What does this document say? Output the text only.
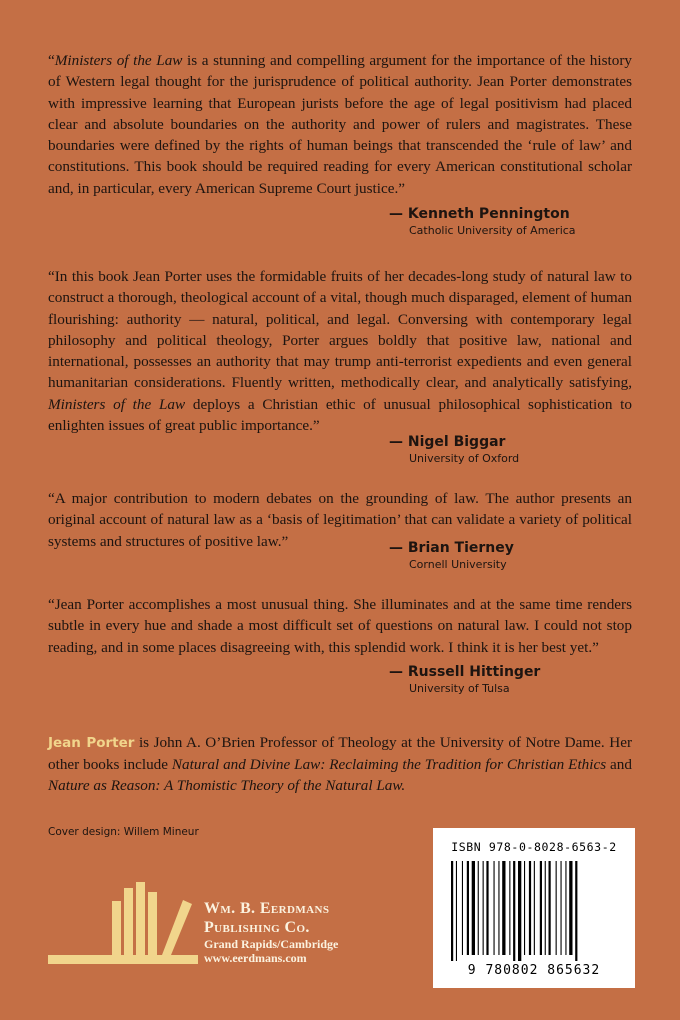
“Ministers of the Law is a stunning and compelling argument for the importance of the history of Western legal thought for the jurisprudence of political authority. Jean Porter demonstrates with impressive learning that European jurists before the age of legal positivism had placed clear and absolute boundaries on the authority and power of rulers and magistrates. These boundaries were defined by the rights of human beings that transcended the ‘rule of law’ and constitutions. This book should be required reading for every American constitutional scholar and, in particular, every American Supreme Court justice.”

— Kenneth Pennington
Catholic University of America

“In this book Jean Porter uses the formidable fruits of her decades-long study of natural law to construct a thorough, theological account of a vital, though much disparaged, element of human flourishing: authority — natural, political, and legal. Conversing with contemporary legal philosophy and political theology, Porter argues boldly that positive law, national and international, possesses an authority that may trump anti-terrorist expedients and even general humanitarian considerations. Fluently written, methodically clear, and analytically satisfying, Ministers of the Law deploys a Christian ethic of unusual philosophical sophistication to enlighten issues of great public importance.”

— Nigel Biggar
University of Oxford

“A major contribution to modern debates on the grounding of law. The author presents an original account of natural law as a ‘basis of legitimation’ that can validate a variety of political systems and structures of positive law.”	— Brian Tierney
Cornell University

“Jean Porter accomplishes a most unusual thing. She illuminates and at the same time renders subtle in every hue and shade a most difficult set of questions on natural law. I could not stop reading, and in some places disagreeing with, this splendid work. I think it is her best yet.”

— Russell Hittinger
University of Tulsa

Jean Porter is John A. O’Brien Professor of Theology at the University of Notre Dame. Her other books include Natural and Divine Law: Reclaiming the Tradition for Christian Ethics and Nature as Reason: A Thomistic Theory of the Natural Law.

Cover design: Willem Mineur
Wm. B. Eerdmans
Publishing Co.
Grand Rapids/Cambridge
www.eerdmans.com
ISBN 978-0-8028-6563-2
9 780802 865632
